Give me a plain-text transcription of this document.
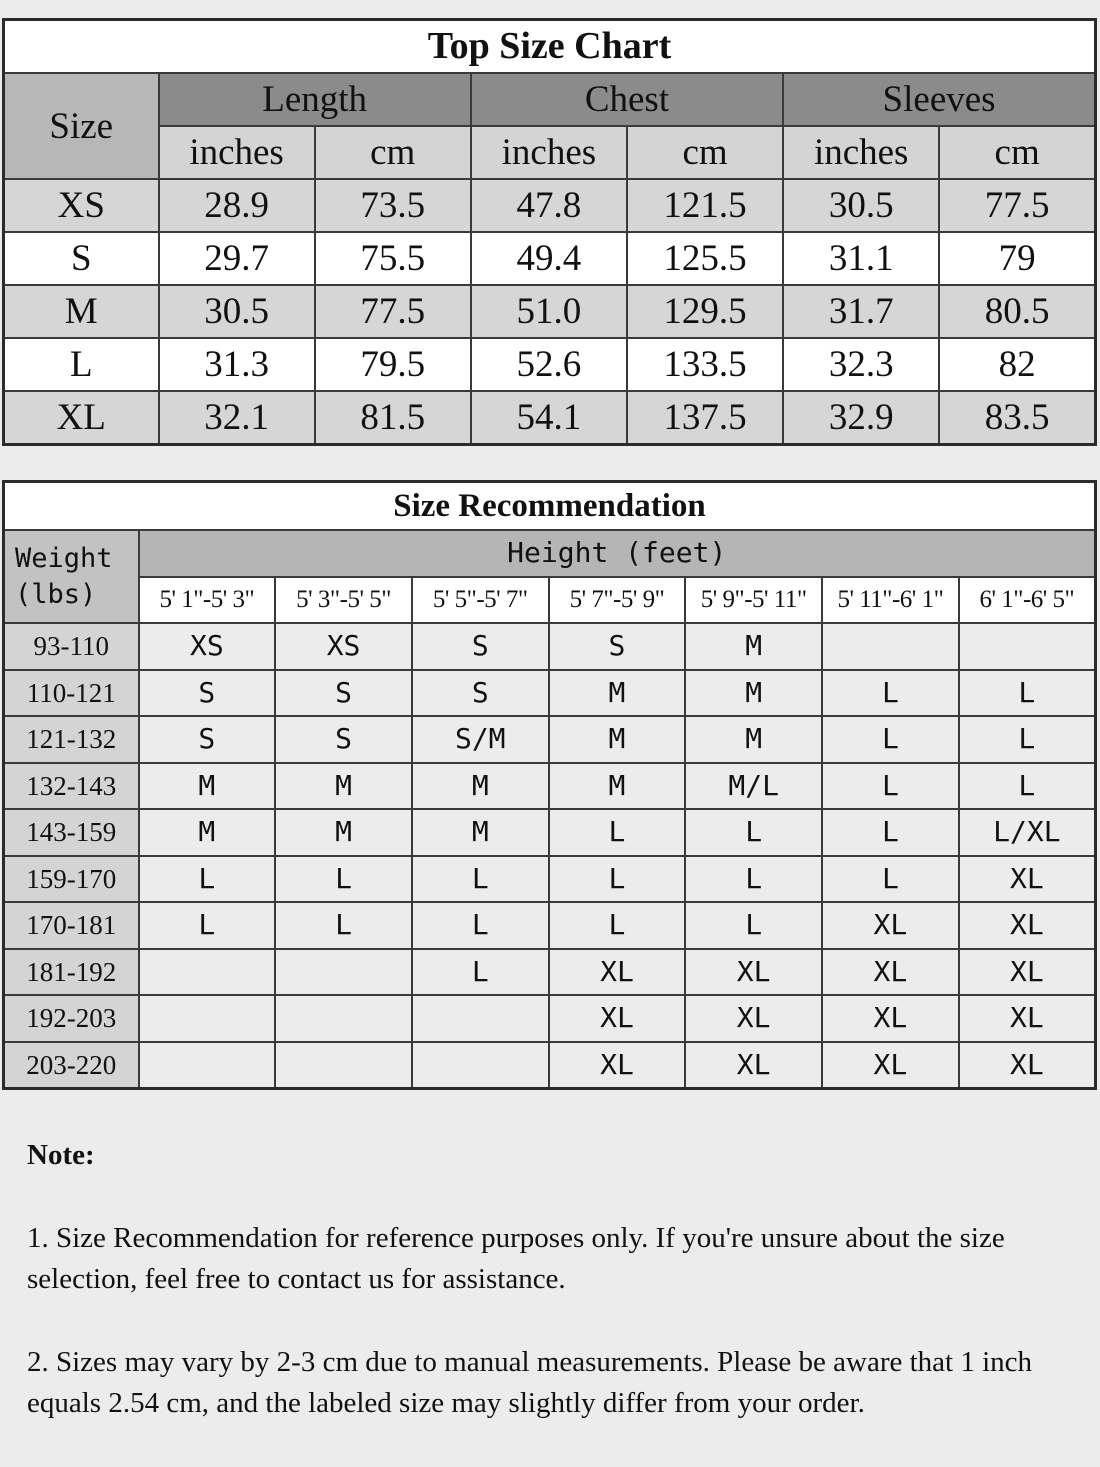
Top Size Chart						
Size	Length		Chest		Sleeves	
	inches	cm	inches	cm	inches	cm
XS	28.9	73.5	47.8	121.5	30.5	77.5
S	29.7	75.5	49.4	125.5	31.1	79
M	30.5	77.5	51.0	129.5	31.7	80.5
L	31.3	79.5	52.6	133.5	32.3	82
XL	32.1	81.5	54.1	137.5	32.9	83.5
Size Recommendation							
Weight
(lbs)	Height (feet)						
	5' 1"-5' 3"	5' 3"-5' 5"	5' 5"-5' 7"	5' 7"-5' 9"	5' 9"-5' 11"	5' 11"-6' 1"	6' 1"-6' 5"
93-110	XS	XS	S	S	M		
110-121	S	S	S	M	M	L	L
121-132	S	S	S/M	M	M	L	L
132-143	M	M	M	M	M/L	L	L
143-159	M	M	M	L	L	L	L/XL
159-170	L	L	L	L	L	L	XL
170-181	L	L	L	L	L	XL	XL
181-192			L	XL	XL	XL	XL
192-203				XL	XL	XL	XL
203-220				XL	XL	XL	XL
Note:

1. Size Recommendation for reference purposes only. If you're unsure about the size selection, feel free to contact us for assistance.

2. Sizes may vary by 2-3 cm due to manual measurements. Please be aware that 1 inch equals 2.54 cm, and the labeled size may slightly differ from your order.
